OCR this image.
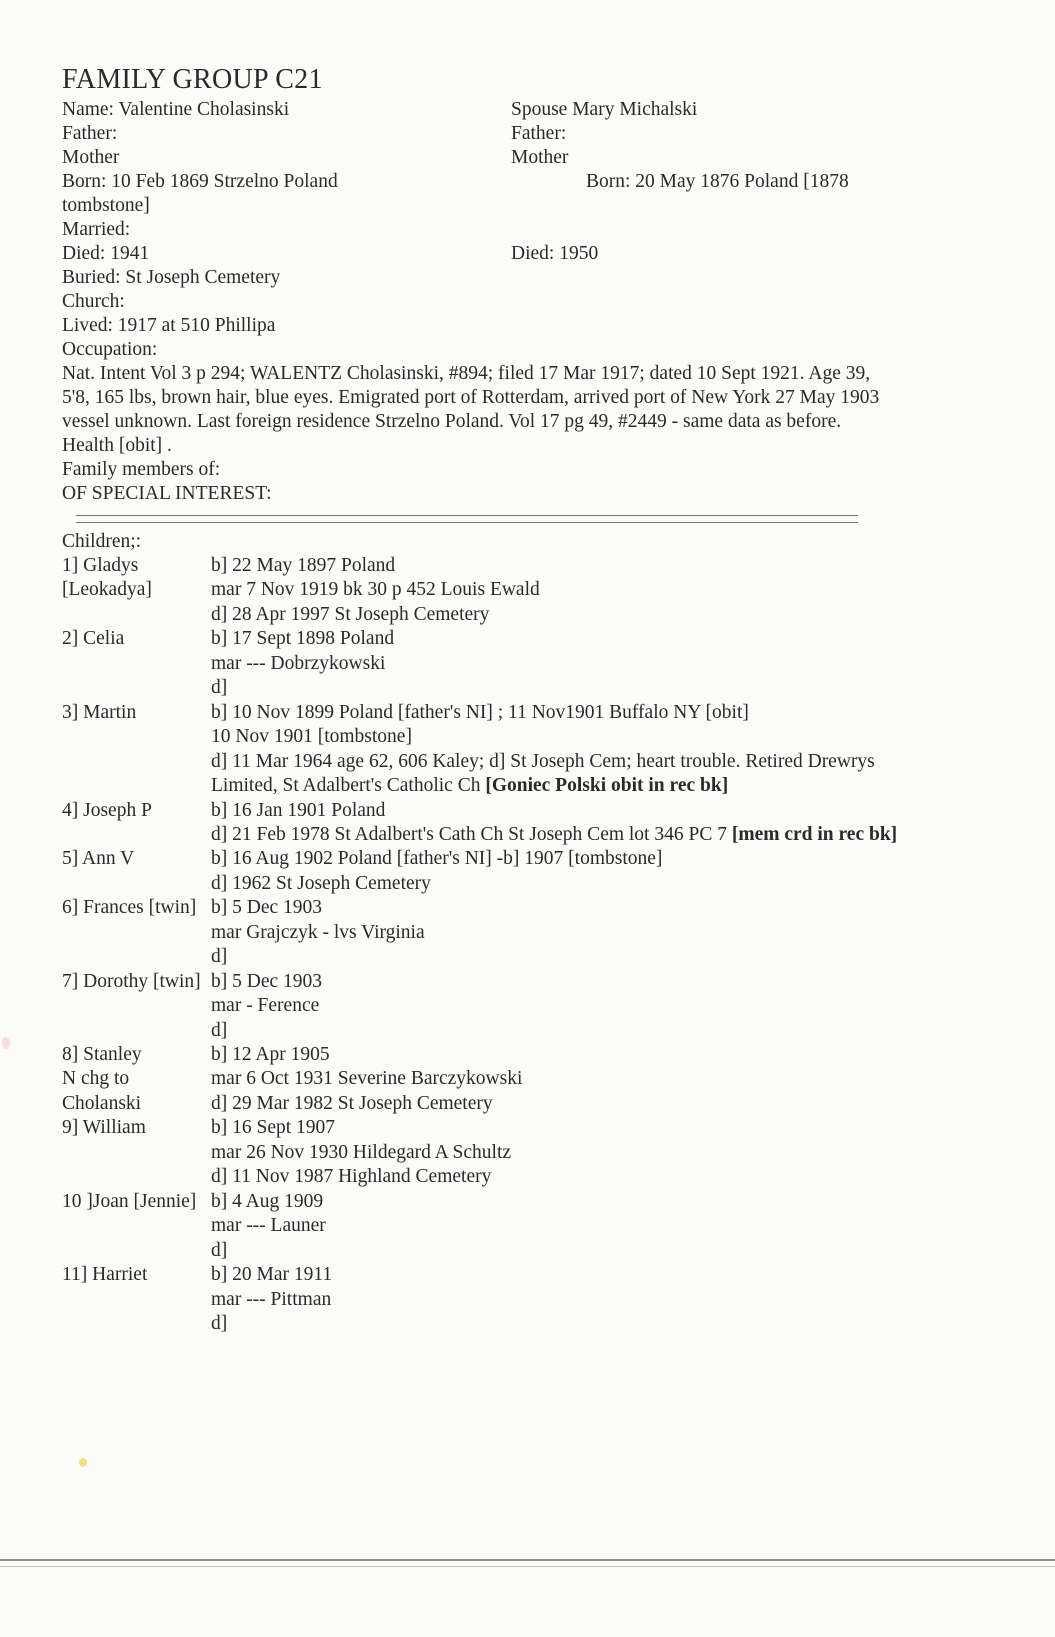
FAMILY GROUP C21
Name: Valentine Cholasinski	Spouse Mary Michalski
Father:	Father:
Mother	Mother
Born: 10 Feb 1869 Strzelno Poland	Born: 20 May 1876 Poland [1878
tombstone]
Married:
Died: 1941	Died: 1950
Buried: St Joseph Cemetery
Church:
Lived: 1917 at 510 Phillipa
Occupation:
Nat. Intent Vol 3 p 294; WALENTZ Cholasinski, #894; filed 17 Mar 1917; dated 10 Sept 1921. Age 39,
5'8, 165 lbs, brown hair, blue eyes. Emigrated port of Rotterdam, arrived port of New York 27 May 1903
vessel unknown. Last foreign residence Strzelno Poland. Vol 17 pg 49, #2449 - same data as before.
Health [obit] .
Family members of:
OF SPECIAL INTEREST:
Children;:
1] Gladys	b] 22 May 1897 Poland
[Leokadya]	mar 7 Nov 1919 bk 30 p 452 Louis Ewald
d] 28 Apr 1997 St Joseph Cemetery
2] Celia	b] 17 Sept 1898 Poland
mar --- Dobrzykowski
d]
3] Martin	b] 10 Nov 1899 Poland [father's NI] ; 11 Nov1901 Buffalo NY [obit]
10 Nov 1901 [tombstone]
d] 11 Mar 1964 age 62, 606 Kaley; d] St Joseph Cem; heart trouble. Retired Drewrys
Limited, St Adalbert's Catholic Ch [Goniec Polski obit in rec bk]
4] Joseph P	b] 16 Jan 1901 Poland
d] 21 Feb 1978 St Adalbert's Cath Ch St Joseph Cem lot 346 PC 7 [mem crd in rec bk]
5] Ann V	b] 16 Aug 1902 Poland [father's NI] -b] 1907 [tombstone]
d] 1962 St Joseph Cemetery
6] Frances [twin] b] 5 Dec 1903
mar Grajczyk - lvs Virginia
d]
7] Dorothy [twin] b] 5 Dec 1903
mar - Ference
d]
8] Stanley	b] 12 Apr 1905
N chg to	mar 6 Oct 1931 Severine Barczykowski
Cholanski	d] 29 Mar 1982 St Joseph Cemetery
9] William	b] 16 Sept 1907
mar 26 Nov 1930 Hildegard A Schultz
d] 11 Nov 1987 Highland Cemetery
10 ]Joan [Jennie] b] 4 Aug 1909
mar --- Launer
d]
11] Harriet	b] 20 Mar 1911
mar --- Pittman
d]
